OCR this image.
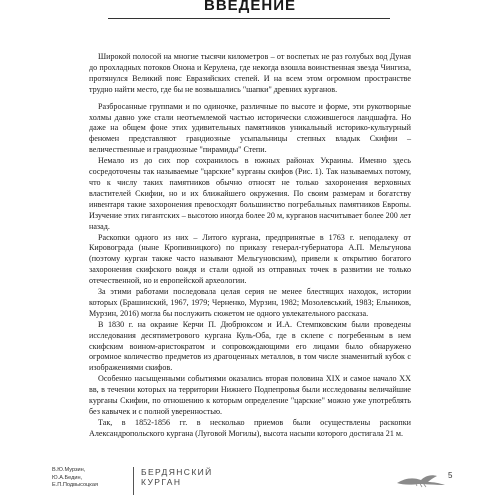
ВВЕДЕНИЕ

Широкой полосой на многие тысячи километров – от воспетых не раз голубых вод Дуная до прохладных потоков Онона и Керулена, где некогда взошла воинственная звезда Чингиза, протянулся Великий пояс Евразийских степей. И на всем этом огромном пространстве трудно найти место, где бы не возвышались "шапки" древних курганов.

Разбросанные группами и по одиночке, различные по высоте и форме, эти рукотворные холмы давно уже стали неотъемлемой частью исторически сложившегося ландшафта. Но даже на общем фоне этих удивительных памятников уникальный историко-культурный феномен представляют грандиозные усыпальницы степных владык Скифии – величественные и грандиозные "пирамиды" Степи.

Немало из до сих пор сохранилось в южных районах Украины. Именно здесь сосредоточены так называемые "царские" курганы скифов (Рис. 1). Так называемых потому, что к числу таких памятников обычно относят не только захоронения верховных властителей Скифии, но и их ближайшего окружения. По своим размерам и богатству инвентаря такие захоронения превосходят большинство погребальных памятников Европы. Изучение этих гигантских – высотою иногда более 20 м, курганов насчитывает более 200 лет назад.

Раскопки одного из них – Литого кургана, предпринятые в 1763 г. неподалеку от Кировограда (ныне Кропивницкого) по приказу генерал-губернатора А.П. Мельгунова (поэтому курган также часто называют Мельгуновским), привели к открытию богатого захоронения скифского вождя и стали одной из отправных точек в развитии не только отечественной, но и европейской археологии.

За этими работами последовала целая серия не менее блестящих находок, истории которых (Брашинский, 1967, 1979; Черненко, Мурзин, 1982; Мозолевський, 1983; Ельников, Мурзин, 2016) могла бы послужить сюжетом не одного увлекательного рассказа.

В 1830 г. на окраине Керчи П. Дюбрюксом и И.А. Стемпковским были проведены исследования десятиметрового кургана Куль-Оба, где в склепе с погребенным в нем скифским воином-аристократом и сопровождающими его лицами было обнаружено огромное количество предметов из драгоценных металлов, в том числе знаменитый кубок с изображениями скифов.

Особенно насыщенными событиями оказались вторая половина XIX и самое начало XX вв, в течении которых на территории Нижнего Подпепровья были исследованы величайшие курганы Скифии, по отношению к которым определение "царские" можно уже употреблять без кавычек и с полной уверенностью.

Так, в 1852-1856 гг. в несколько приемов были осуществлены раскопки Александропольского кургана (Луговой Могилы), высота насыпи которого достигала 21 м.

В.Ю.Мурзин,
Ю.А.Бедин,
Е.П.Подвысоцкая
БЕРДЯНСКИЙ
КУРГАН
5
